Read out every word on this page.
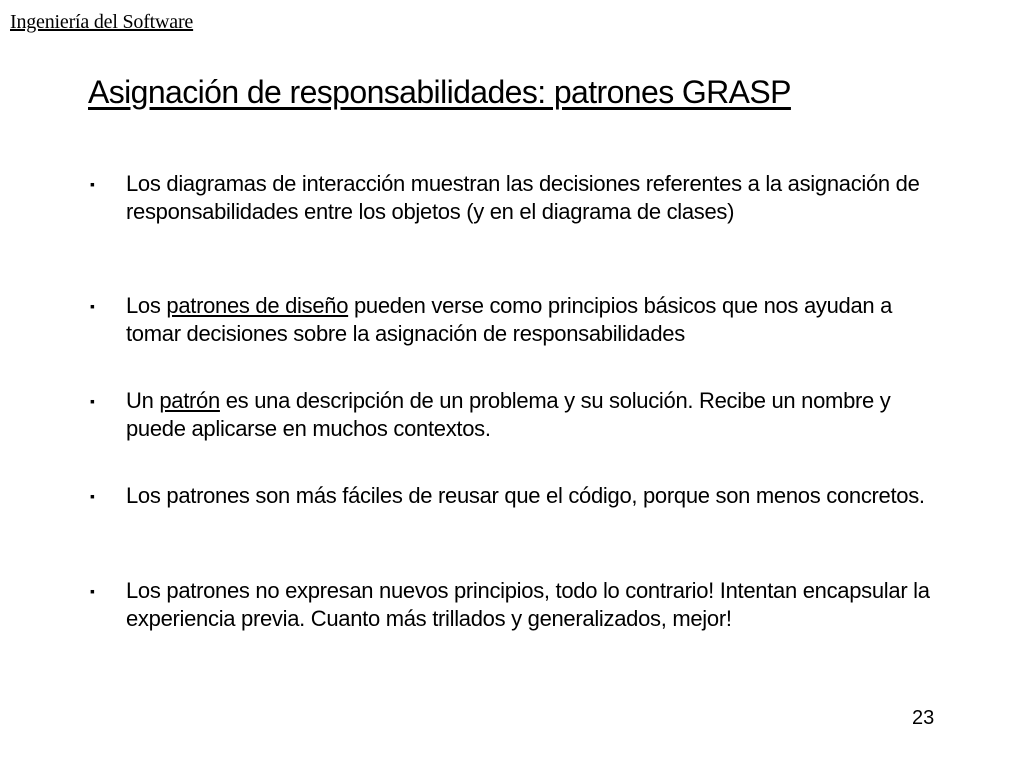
Ingeniería del Software
Asignación de responsabilidades: patrones GRASP
▪	Los diagramas de interacción muestran las decisiones referentes a la asignación de responsabilidades entre los objetos (y en el diagrama de clases)
▪	Los patrones de diseño pueden verse como principios básicos que nos ayudan a tomar decisiones sobre la asignación de responsabilidades
▪	Un patrón es una descripción de un problema y su solución. Recibe un nombre y puede aplicarse en muchos contextos.
▪	Los patrones son más fáciles de reusar que el código, porque son menos concretos.
▪	Los patrones no expresan nuevos principios, todo lo contrario! Intentan encapsular la experiencia previa. Cuanto más trillados y generalizados, mejor!
23
